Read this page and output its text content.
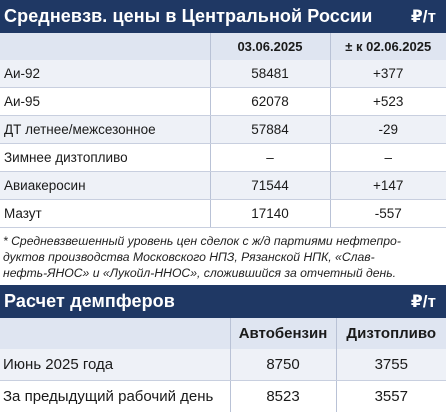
Средневзв. цены в Центральной России ₽/т
	03.06.2025	± к 02.06.2025
Аи-92	58481	+377
Аи-95	62078	+523
ДТ летнее/межсезонное	57884	-29
Зимнее дизтопливо	–	–
Авиакеросин	71544	+147
Мазут	17140	-557
* Средневзвешенный уровень цен сделок с ж/д партиями нефтепро-
дуктов производства Московского НПЗ, Рязанской НПК, «Слав-
нефть-ЯНОС» и «Лукойл-ННОС», сложившийся за отчетный день.
Расчет демпферов	₽/т
	Автобензин	Дизтопливо
Июнь 2025 года	8750	3755
За предыдущий рабочий день	8523	3557
